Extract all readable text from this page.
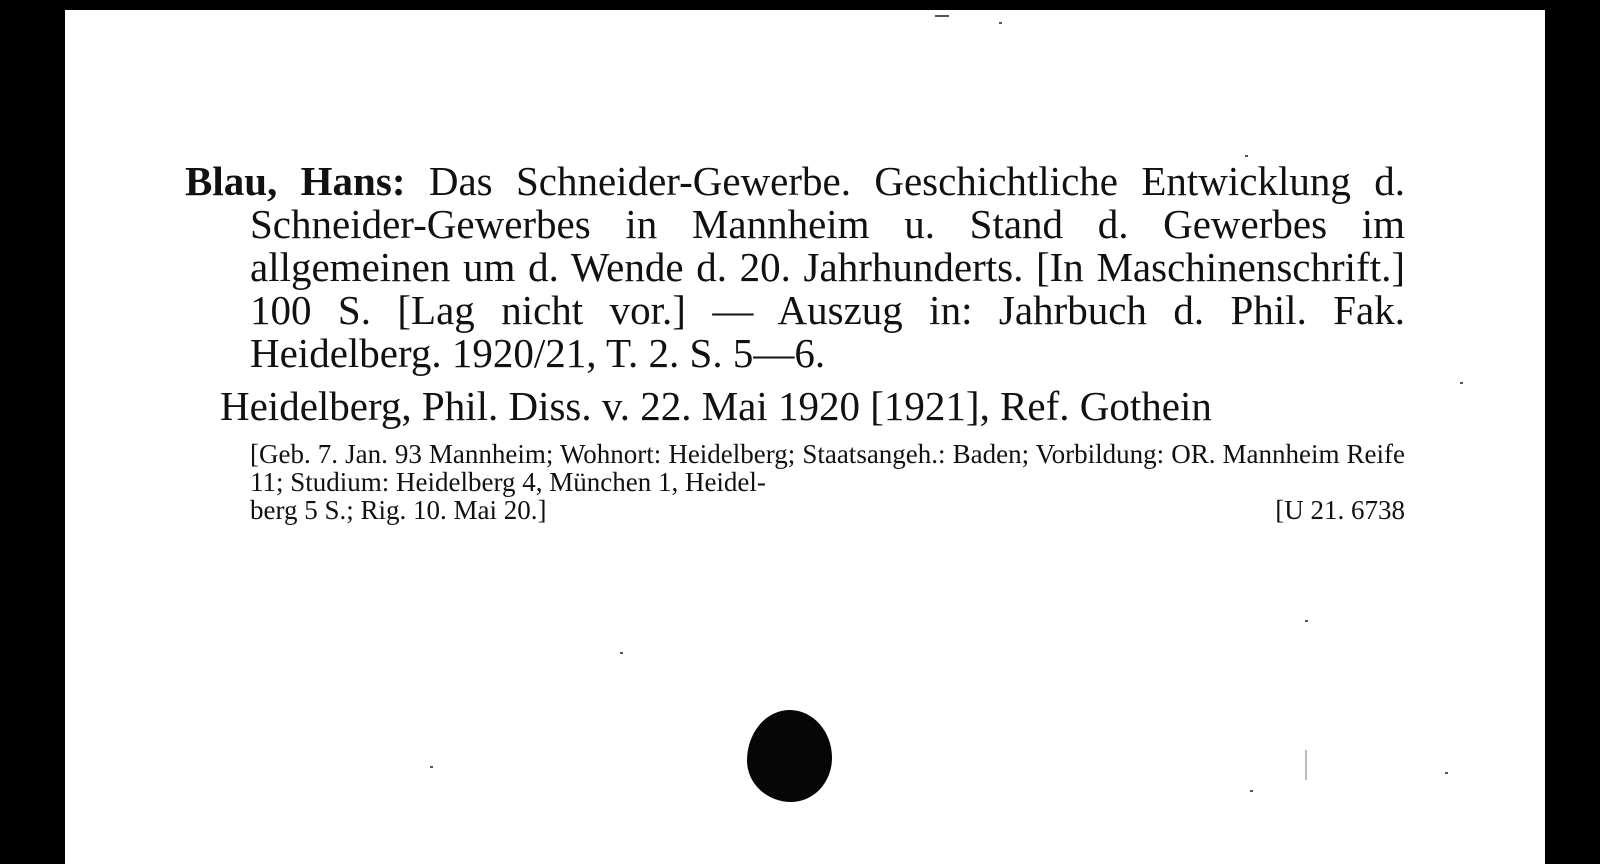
Blau, Hans: Das Schneider-Gewerbe. Geschichtliche Entwicklung d. Schneider-Gewerbes in Mannheim u. Stand d. Gewerbes im allgemeinen um d. Wende d. 20. Jahrhunderts. [In Maschinenschrift.] 100 S. [Lag nicht vor.] — Auszug in: Jahrbuch d. Phil. Fak. Heidelberg. 1920/21, T. 2. S. 5—6.

Heidelberg, Phil. Diss. v. 22. Mai 1920 [1921], Ref. Gothein

[Geb. 7. Jan. 93 Mannheim; Wohnort: Heidelberg; Staatsangeh.: Baden; Vorbildung: OR. Mannheim Reife 11; Studium: Heidelberg 4, München 1, Heidel-

berg 5 S.; Rig. 10. Mai 20.]	[U 21. 6738
